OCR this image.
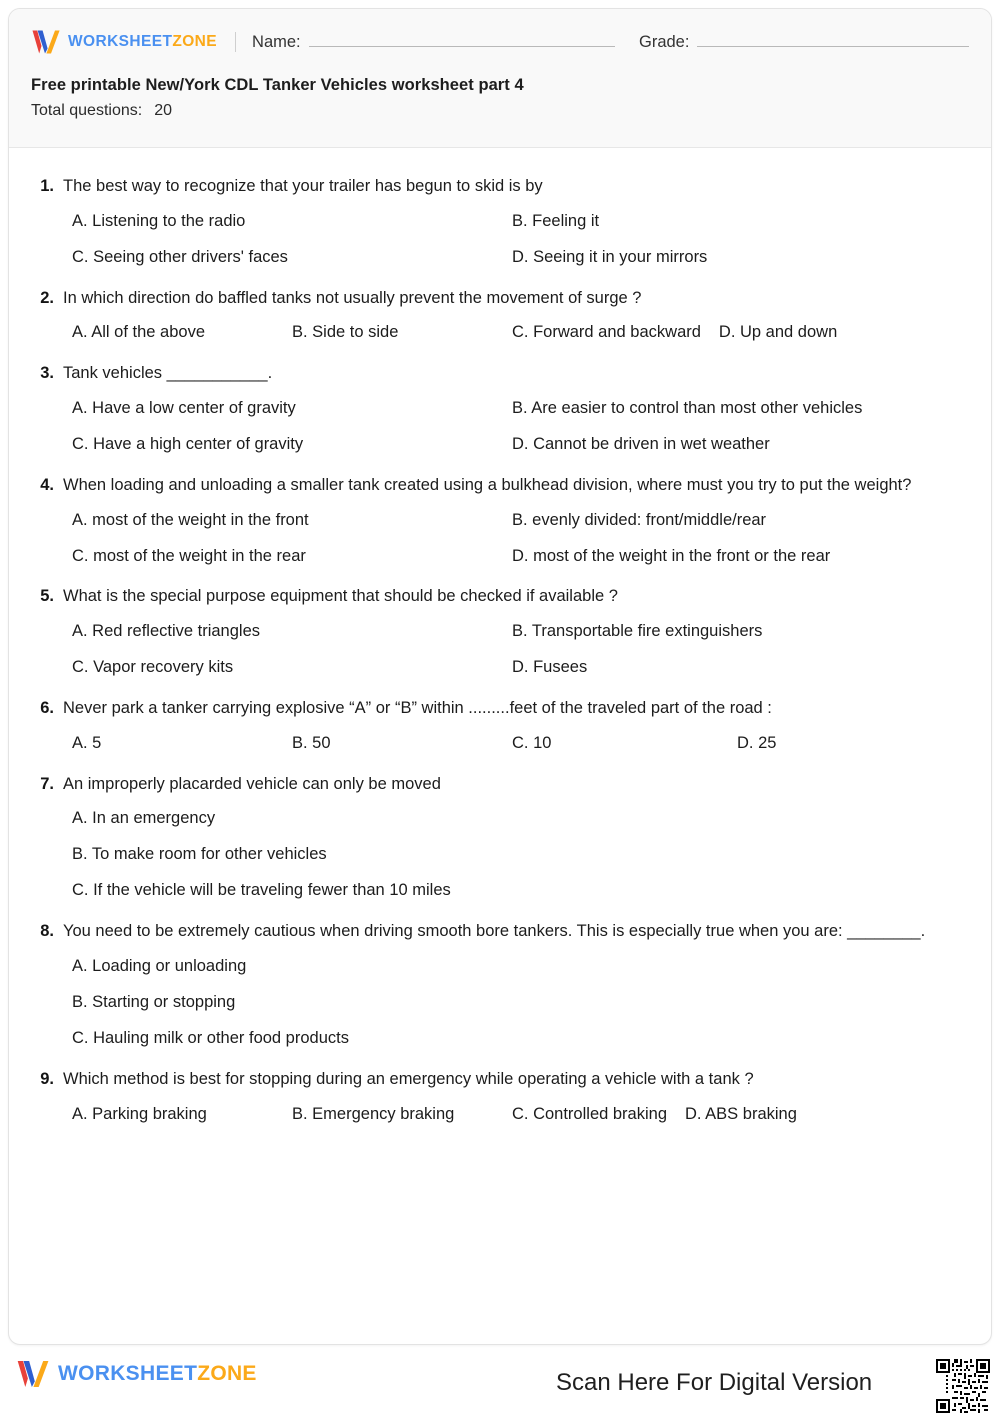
WORKSHEETZONE Name:	Grade:
Free printable New/York CDL Tanker Vehicles worksheet part 4
Total questions: 20
1. The best way to recognize that your trailer has begun to skid is by
A. Listening to the radio	B. Feeling it
C. Seeing other drivers' faces	D. Seeing it in your mirrors
2. In which direction do baffled tanks not usually prevent the movement of surge ?
A. All of the above	B. Side to side	C. Forward and backward D. Up and down
3. Tank vehicles ___________.
A. Have a low center of gravity	B. Are easier to control than most other vehicles
C. Have a high center of gravity	D. Cannot be driven in wet weather
4. When loading and unloading a smaller tank created using a bulkhead division, where must you try to put the weight?
A. most of the weight in the front	B. evenly divided: front/middle/rear
C. most of the weight in the rear	D. most of the weight in the front or the rear
5. What is the special purpose equipment that should be checked if available ?
A. Red reflective triangles	B. Transportable fire extinguishers
C. Vapor recovery kits	D. Fusees
6. Never park a tanker carrying explosive “A” or “B” within .........feet of the traveled part of the road :
A. 5	B. 50	C. 10	D. 25
7. An improperly placarded vehicle can only be moved
A. In an emergency
B. To make room for other vehicles
C. If the vehicle will be traveling fewer than 10 miles
8. You need to be extremely cautious when driving smooth bore tankers. This is especially true when you are: ________.
A. Loading or unloading
B. Starting or stopping
C. Hauling milk or other food products
9. Which method is best for stopping during an emergency while operating a vehicle with a tank ?
A. Parking braking	B. Emergency braking	C. Controlled braking D. ABS braking
WORKSHEETZONE	Scan Here For Digital Version
